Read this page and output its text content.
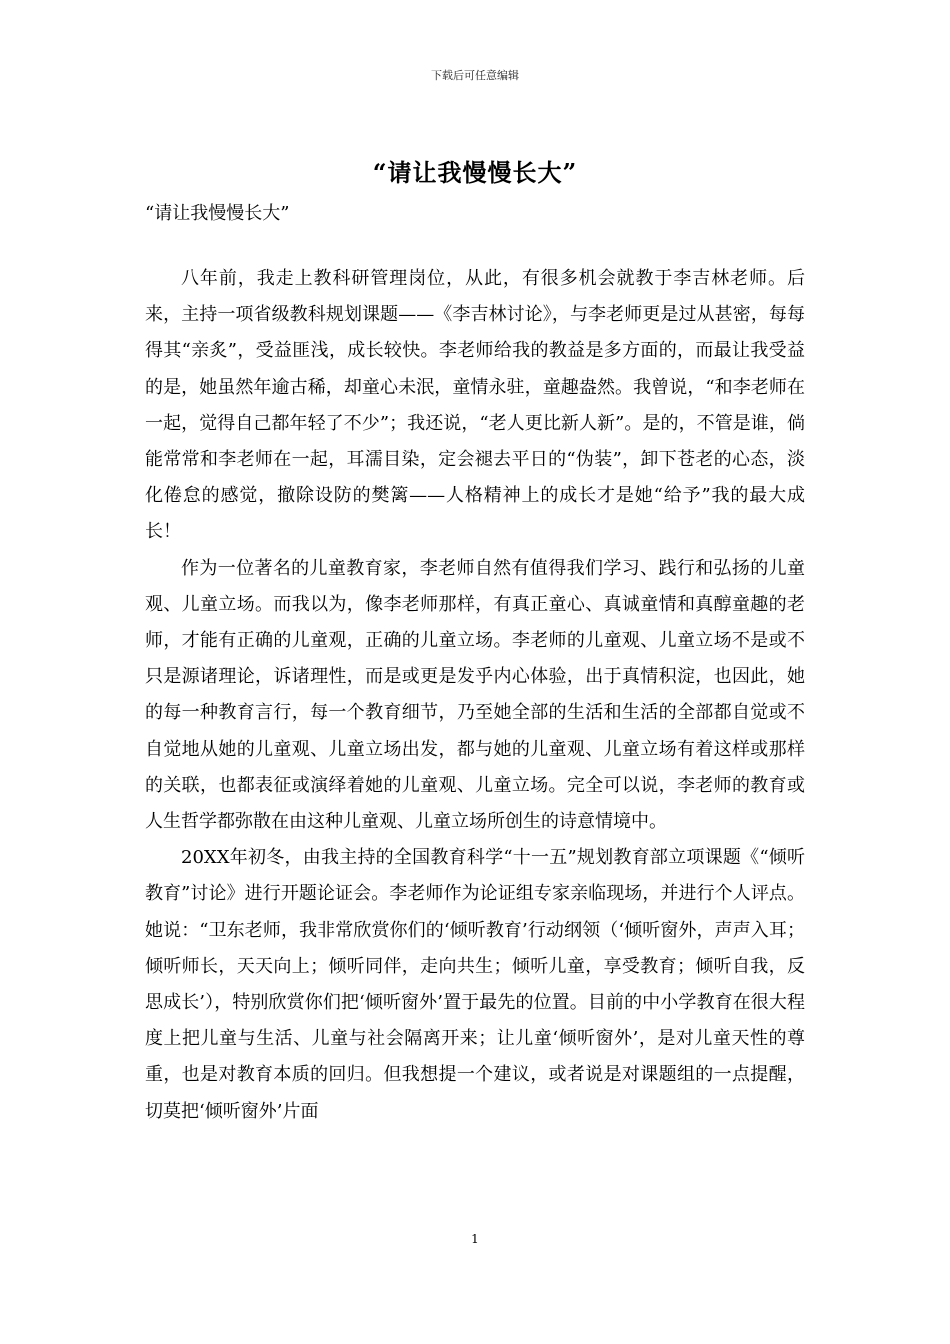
下载后可任意编辑
“请让我慢慢长大”

“请让我慢慢长大”

八年前，我走上教科研管理岗位，从此，有很多机会就教于李吉林老师。后来，主持一项省级教科规划课题——《李吉林讨论》，与李老师更是过从甚密，每每得其“亲炙”，受益匪浅，成长较快。李老师给我的教益是多方面的，而最让我受益的是，她虽然年逾古稀，却童心未泯，童情永驻，童趣盎然。我曾说，“和李老师在一起，觉得自己都年轻了不少”；我还说，“老人更比新人新”。是的，不管是谁，倘能常常和李老师在一起，耳濡目染，定会褪去平日的“伪装”，卸下苍老的心态，淡化倦怠的感觉，撤除设防的樊篱——人格精神上的成长才是她“给予”我的最大成长！

作为一位著名的儿童教育家，李老师自然有值得我们学习、践行和弘扬的儿童观、儿童立场。而我以为，像李老师那样，有真正童心、真诚童情和真醇童趣的老师，才能有正确的儿童观，正确的儿童立场。李老师的儿童观、儿童立场不是或不只是源诸理论，诉诸理性，而是或更是发乎内心体验，出于真情积淀，也因此，她的每一种教育言行，每一个教育细节，乃至她全部的生活和生活的全部都自觉或不自觉地从她的儿童观、儿童立场出发，都与她的儿童观、儿童立场有着这样或那样的关联，也都表征或演绎着她的儿童观、儿童立场。完全可以说，李老师的教育或人生哲学都弥散在由这种儿童观、儿童立场所创生的诗意情境中。

20XX年初冬，由我主持的全国教育科学“十一五”规划教育部立项课题《“倾听教育”讨论》进行开题论证会。李老师作为论证组专家亲临现场，并进行个人评点。她说：“卫东老师，我非常欣赏你们的‘倾听教育’行动纲领（‘倾听窗外，声声入耳；倾听师长，天天向上；倾听同伴，走向共生；倾听儿童，享受教育；倾听自我，反思成长’），特别欣赏你们把‘倾听窗外’置于最先的位置。目前的中小学教育在很大程度上把儿童与生活、儿童与社会隔离开来；让儿童‘倾听窗外’，是对儿童天性的尊重，也是对教育本质的回归。但我想提一个建议，或者说是对课题组的一点提醒，切莫把‘倾听窗外’片面

1
